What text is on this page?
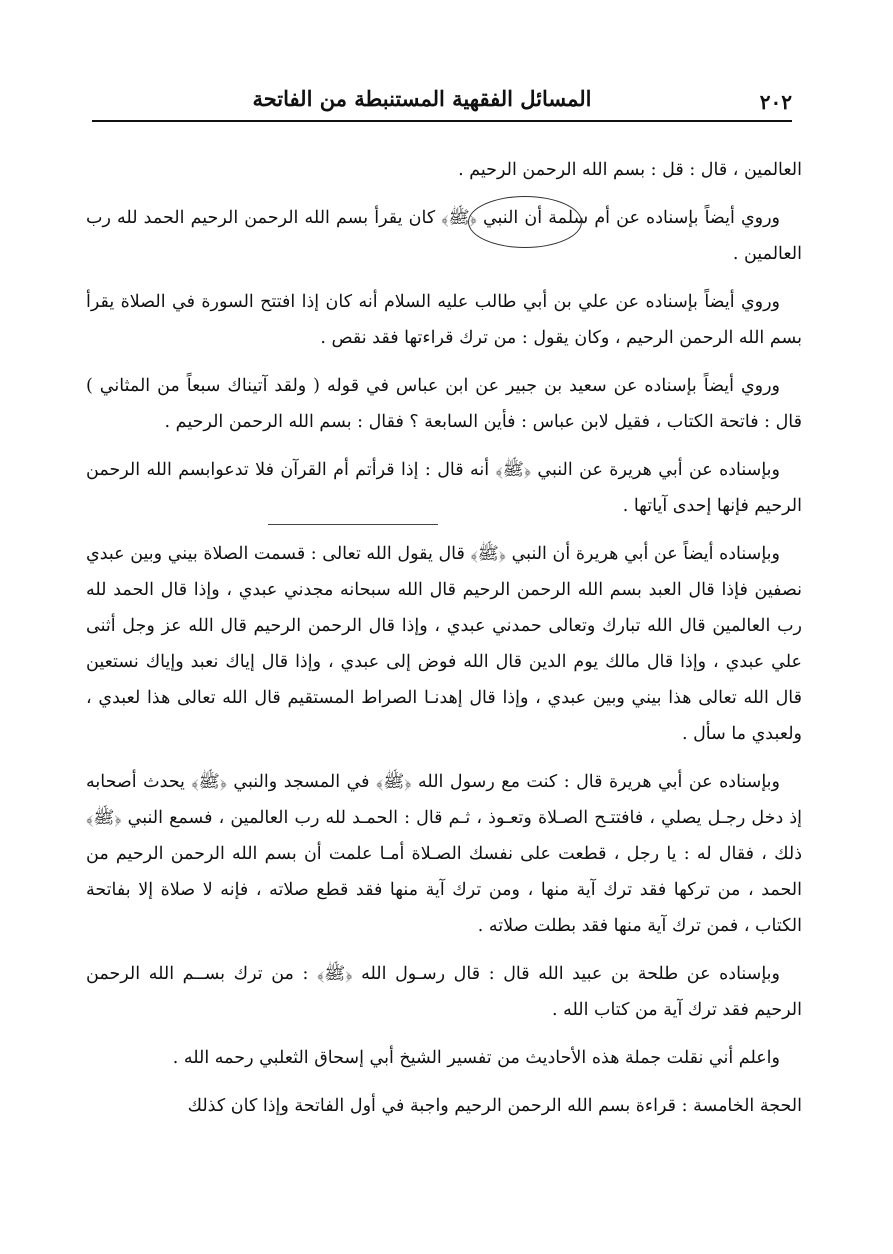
المسائل الفقهية المستنبطة من الفاتحة	٢٠٢

العالمين ، قال : قل : بسم الله الرحمن الرحيم .

وروي أيضاً بإسناده عن أم سلمة أن النبي ﴿ﷺ﴾ كان يقرأ بسم الله الرحمن الرحيم الحمد لله رب العالمين .

وروي أيضاً بإسناده عن علي بن أبي طالب عليه السلام أنه كان إذا افتتح السورة في الصلاة يقرأ بسم الله الرحمن الرحيم ، وكان يقول : من ترك قراءتها فقد نقص .

وروي أيضاً بإسناده عن سعيد بن جبير عن ابن عباس في قوله ( ولقد آتيناك سبعاً من المثاني ) قال : فاتحة الكتاب ، فقيل لابن عباس : فأين السابعة ؟ فقال : بسم الله الرحمن الرحيم .

وبإسناده عن أبي هريرة عن النبي ﴿ﷺ﴾ أنه قال : إذا قرأتم أم القرآن فلا تدعوابسم الله الرحمن الرحيم فإنها إحدى آياتها .

وبإسناده أيضاً عن أبي هريرة أن النبي ﴿ﷺ﴾ قال يقول الله تعالى : قسمت الصلاة بيني وبين عبدي نصفين فإذا قال العبد بسم الله الرحمن الرحيم قال الله سبحانه مجدني عبدي ، وإذا قال الحمد لله رب العالمين قال الله تبارك وتعالى حمدني عبدي ، وإذا قال الرحمن الرحيم قال الله عز وجل أثنى علي عبدي ، وإذا قال مالك يوم الدين قال الله فوض إلى عبدي ، وإذا قال إياك نعبد وإياك نستعين قال الله تعالى هذا بيني وبين عبدي ، وإذا قال إهدنـا الصراط المستقيم قال الله تعالى هذا لعبدي ، ولعبدي ما سأل .

وبإسناده عن أبي هريرة قال : كنت مع رسول الله ﴿ﷺ﴾ في المسجد والنبي ﴿ﷺ﴾ يحدث أصحابه إذ دخل رجـل يصلي ، فافتتـح الصـلاة وتعـوذ ، ثـم قال : الحمـد لله رب العالمين ، فسمع النبي ﴿ﷺ﴾ ذلك ، فقال له : يا رجل ، قطعت على نفسك الصـلاة أمـا علمت أن بسم الله الرحمن الرحيم من الحمد ، من تركها فقد ترك آية منها ، ومن ترك آية منها فقد قطع صلاته ، فإنه لا صلاة إلا بفاتحة الكتاب ، فمن ترك آية منها فقد بطلت صلاته .

وبإسناده عن طلحة بن عبيد الله قال : قال رسـول الله ﴿ﷺ﴾ : من ترك بســم الله الرحمن الرحيم فقد ترك آية من كتاب الله .

واعلم أني نقلت جملة هذه الأحاديث من تفسير الشيخ أبي إسحاق الثعلبي رحمه الله .

الحجة الخامسة : قراءة بسم الله الرحمن الرحيم واجبة في أول الفاتحة وإذا كان كذلك
